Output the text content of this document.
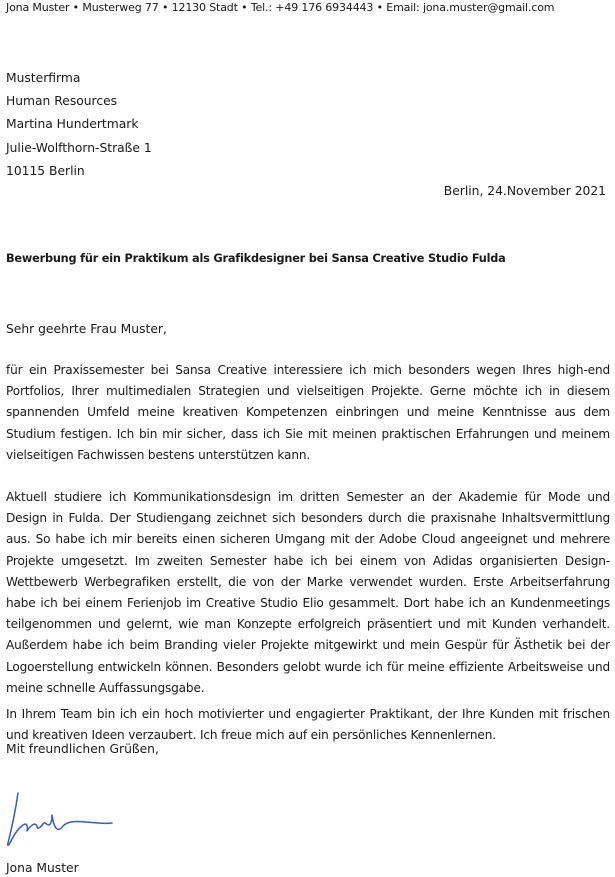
Jona Muster • Musterweg 77 • 12130 Stadt • Tel.: +49 176 6934443 • Email: jona.muster@gmail.com
Musterfirma
Human Resources
Martina Hundertmark
Julie-Wolfthorn-Straße 1
10115 Berlin
Berlin, 24.November 2021
Bewerbung für ein Praktikum als Grafikdesigner bei Sansa Creative Studio Fulda
Sehr geehrte Frau Muster,
für ein Praxissemester bei Sansa Creative interessiere ich mich besonders wegen Ihres high-end Portfolios, Ihrer multimedialen Strategien und vielseitigen Projekte. Gerne möchte ich in diesem spannenden Umfeld meine kreativen Kompetenzen einbringen und meine Kenntnisse aus dem Studium festigen. Ich bin mir sicher, dass ich Sie mit meinen praktischen Erfahrungen und meinem vielseitigen Fachwissen bestens unterstützen kann.
Aktuell studiere ich Kommunikationsdesign im dritten Semester an der Akademie für Mode und Design in Fulda. Der Studiengang zeichnet sich besonders durch die praxisnahe Inhaltsvermittlung aus. So habe ich mir bereits einen sicheren Umgang mit der Adobe Cloud angeeignet und mehrere Projekte umgesetzt. Im zweiten Semester habe ich bei einem von Adidas organisierten Design-Wettbewerb Werbegrafiken erstellt, die von der Marke verwendet wurden. Erste Arbeitserfahrung habe ich bei einem Ferienjob im Creative Studio Elio gesammelt. Dort habe ich an Kundenmeetings teilgenommen und gelernt, wie man Konzepte erfolgreich präsentiert und mit Kunden verhandelt. Außerdem habe ich beim Branding vieler Projekte mitgewirkt und mein Gespür für Ästhetik bei der Logoerstellung entwickeln können. Besonders gelobt wurde ich für meine effiziente Arbeitsweise und meine schnelle Auffassungsgabe.
In Ihrem Team bin ich ein hoch motivierter und engagierter Praktikant, der Ihre Kunden mit frischen und kreativen Ideen verzaubert. Ich freue mich auf ein persönliches Kennenlernen.
Mit freundlichen Grüßen,
Jona Muster
